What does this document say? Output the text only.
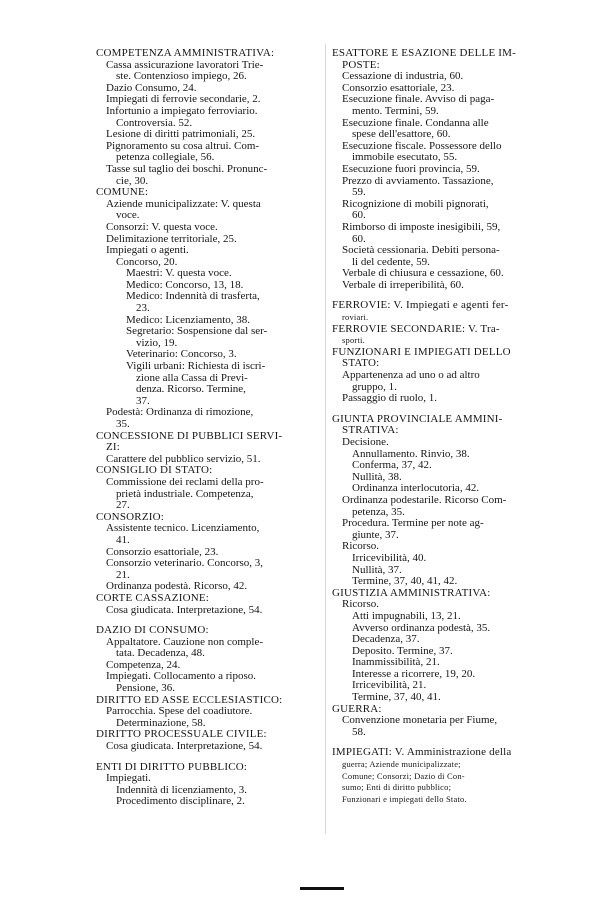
COMPETENZA AMMINISTRATIVA:
Cassa assicurazione lavoratori Trie-
ste. Contenzioso impiego, 26.
Dazio Consumo, 24.
Impiegati di ferrovie secondarie, 2.
Infortunio a impiegato ferroviario.
Controversia. 52.
Lesione di diritti patrimoniali, 25.
Pignoramento su cosa altrui. Com-
petenza collegiale, 56.
Tasse sul taglio dei boschi. Pronunc-
cie, 30.
COMUNE:
Aziende municipalizzate: V. questa
voce.
Consorzi: V. questa voce.
Delimitazione territoriale, 25.
Impiegati o agenti.
Concorso, 20.
Maestri: V. questa voce.
Medico: Concorso, 13, 18.
Medico: Indennità di trasferta,
23.
Medico: Licenziamento, 38.
Segretario: Sospensione dal ser-
vizio, 19.
Veterinario: Concorso, 3.
Vigili urbani: Richiesta di iscri-
zione alla Cassa di Previ-
denza. Ricorso. Termine,
37.
Podestà: Ordinanza di rimozione,
35.
CONCESSIONE DI PUBBLICI SERVI-
ZI:
Carattere del pubblico servizio, 51.
CONSIGLIO DI STATO:
Commissione dei reclami della pro-
prietà industriale. Competenza,
27.
CONSORZIO:
Assistente tecnico. Licenziamento,
41.
Consorzio esattoriale, 23.
Consorzio veterinario. Concorso, 3,
21.
Ordinanza podestà. Ricorso, 42.
CORTE CASSAZIONE:
Cosa giudicata. Interpretazione, 54.
DAZIO DI CONSUMO:
Appaltatore. Cauzione non comple-
tata. Decadenza, 48.
Competenza, 24.
Impiegati. Collocamento a riposo.
Pensione, 36.
DIRITTO ED ASSE ECCLESIASTICO:
Parrocchia. Spese del coadiutore.
Determinazione, 58.
DIRITTO PROCESSUALE CIVILE:
Cosa giudicata. Interpretazione, 54.
ENTI DI DIRITTO PUBBLICO:
Impiegati.
Indennità di licenziamento, 3.
Procedimento disciplinare, 2.
ESATTORE E ESAZIONE DELLE IM-
POSTE:
Cessazione di industria, 60.
Consorzio esattoriale, 23.
Esecuzione finale. Avviso di paga-
mento. Termini, 59.
Esecuzione finale. Condanna alle
spese dell'esattore, 60.
Esecuzione fiscale. Possessore dello
immobile esecutato, 55.
Esecuzione fuori provincia, 59.
Prezzo di avviamento. Tassazione,
59.
Ricognizione di mobili pignorati,
60.
Rimborso di imposte inesigibili, 59,
60.
Società cessionaria. Debiti persona-
li del cedente, 59.
Verbale di chiusura e cessazione, 60.
Verbale di irreperibilità, 60.
FERROVIE: V. Impiegati e agenti fer-
roviari.
FERROVIE SECONDARIE: V. Tra-
sporti.
FUNZIONARI E IMPIEGATI DELLO
STATO:
Appartenenza ad uno o ad altro
gruppo, 1.
Passaggio di ruolo, 1.
GIUNTA PROVINCIALE AMMINI-
STRATIVA:
Decisione.
Annullamento. Rinvio, 38.
Conferma, 37, 42.
Nullità, 38.
Ordinanza interlocutoria, 42.
Ordinanza podestarile. Ricorso Com-
petenza, 35.
Procedura. Termine per note ag-
giunte, 37.
Ricorso.
Irricevibilità, 40.
Nullità, 37.
Termine, 37, 40, 41, 42.
GIUSTIZIA AMMINISTRATIVA:
Ricorso.
Atti impugnabili, 13, 21.
Avverso ordinanza podestà, 35.
Decadenza, 37.
Deposito. Termine, 37.
Inammissibilità, 21.
Interesse a ricorrere, 19, 20.
Irricevibilità, 21.
Termine, 37, 40, 41.
GUERRA:
Convenzione monetaria per Fiume,
58.
IMPIEGATI: V. Amministrazione della
guerra; Aziende municipalizzate;
Comune; Consorzi; Dazio di Con-
sumo; Enti di diritto pubblico;
Funzionari e impiegati dello Stato.
